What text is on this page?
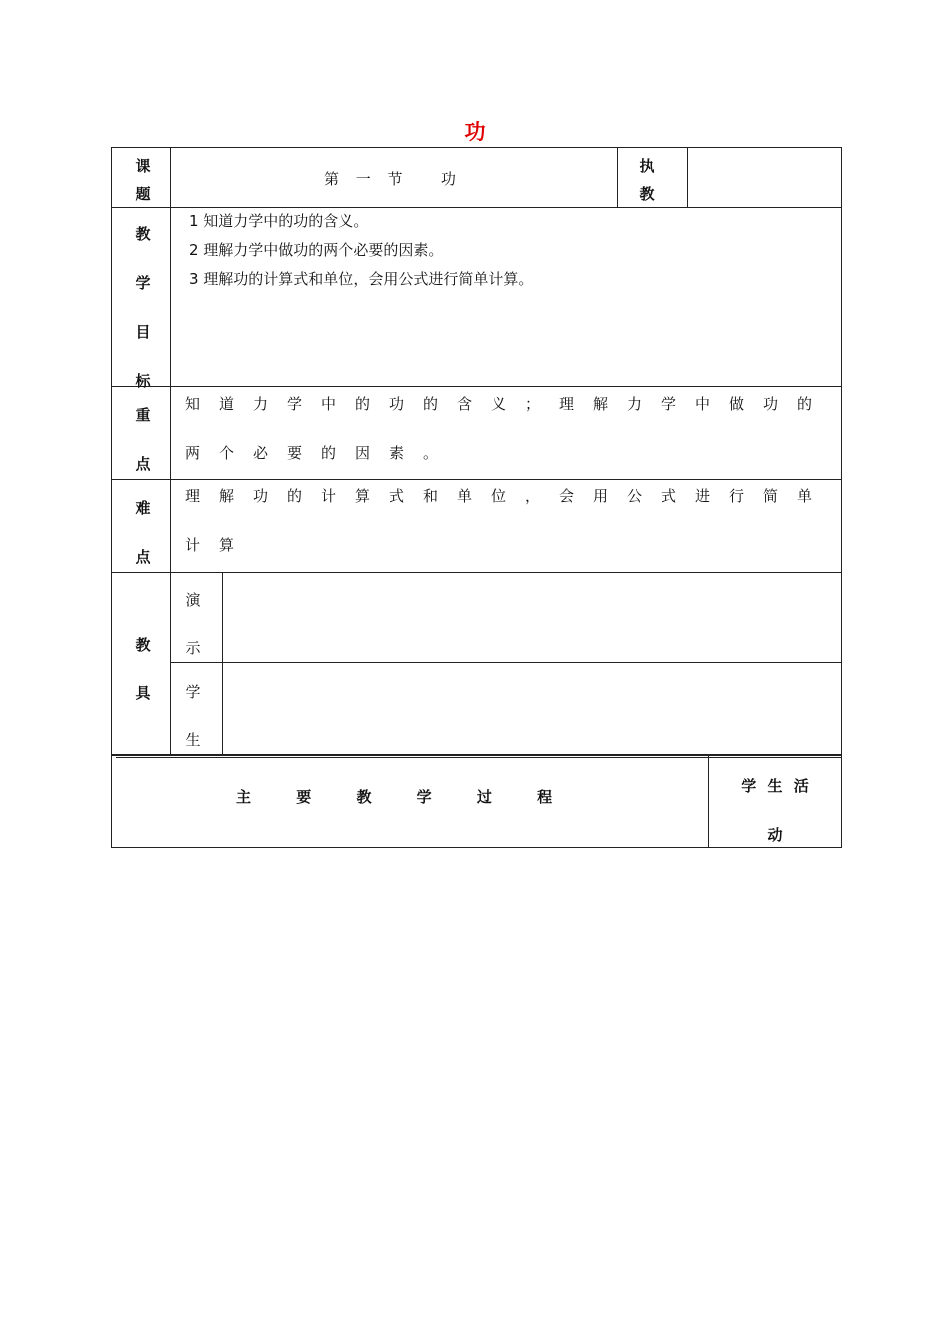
功
课
题
第 一 节   功
执
教
教
学
目
标
1 知道力学中的功的含义。
2 理解力学中做功的两个必要的因素。
3 理解功的计算式和单位，会用公式进行简单计算。
重
点
知道力学中的功的含义；理解力学中做功的
两个必要的因素。
难
点
理解功的计算式和单位，会用公式进行简单
计算
教
具
演
示
学
生
主 要 教 学 过 程
学 生 活
动
